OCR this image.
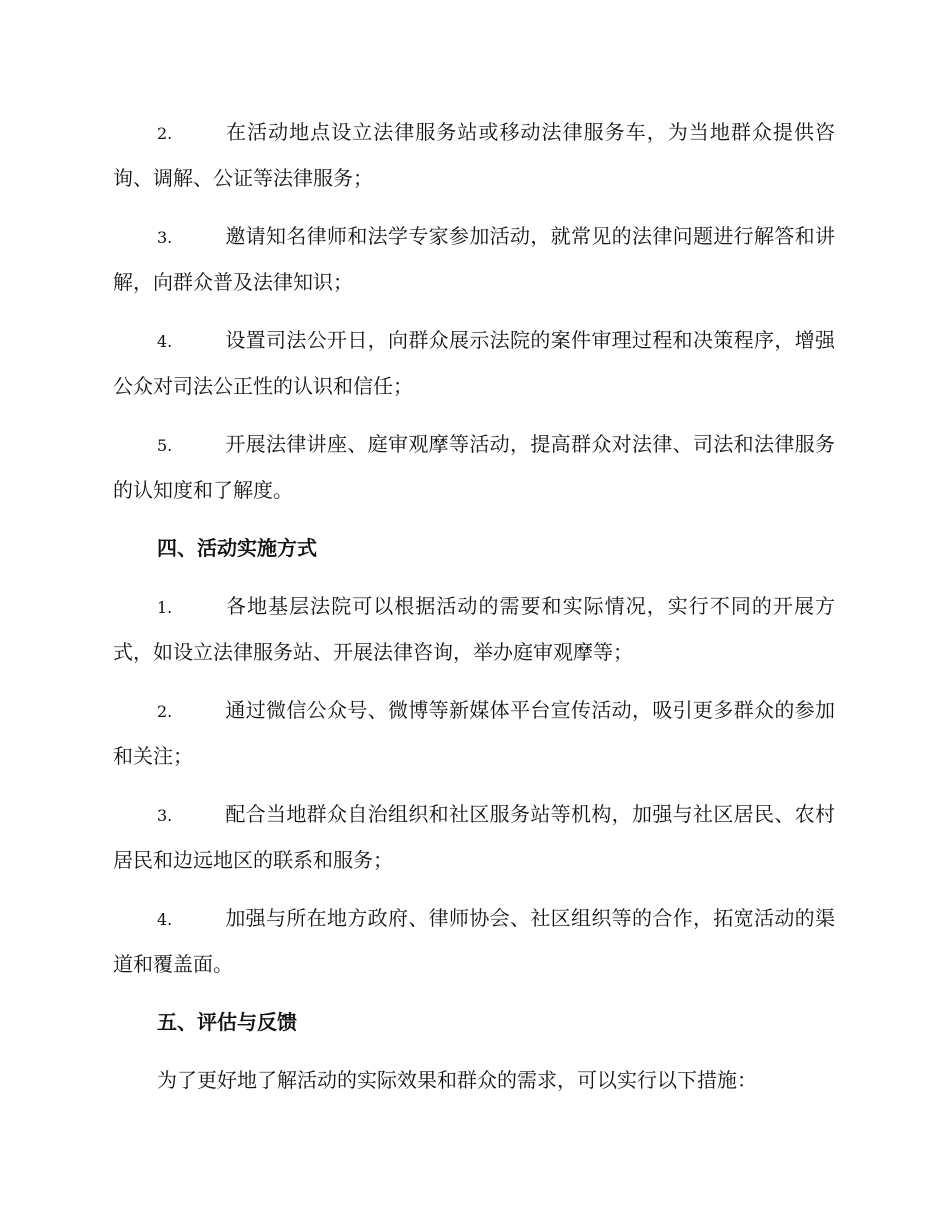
2.	在活动地点设立法律服务站或移动法律服务车，为当地群众提供咨询、调解、公证等法律服务；

3.	邀请知名律师和法学专家参加活动，就常见的法律问题进行解答和讲解，向群众普及法律知识；

4.	设置司法公开日，向群众展示法院的案件审理过程和决策程序，增强公众对司法公正性的认识和信任；

5.	开展法律讲座、庭审观摩等活动，提高群众对法律、司法和法律服务的认知度和了解度。

四、活动实施方式

1.	各地基层法院可以根据活动的需要和实际情况，实行不同的开展方式，如设立法律服务站、开展法律咨询，举办庭审观摩等；

2.	通过微信公众号、微博等新媒体平台宣传活动，吸引更多群众的参加和关注；

3.	配合当地群众自治组织和社区服务站等机构，加强与社区居民、农村居民和边远地区的联系和服务；

4.	加强与所在地方政府、律师协会、社区组织等的合作，拓宽活动的渠道和覆盖面。

五、评估与反馈

为了更好地了解活动的实际效果和群众的需求，可以实行以下措施：
